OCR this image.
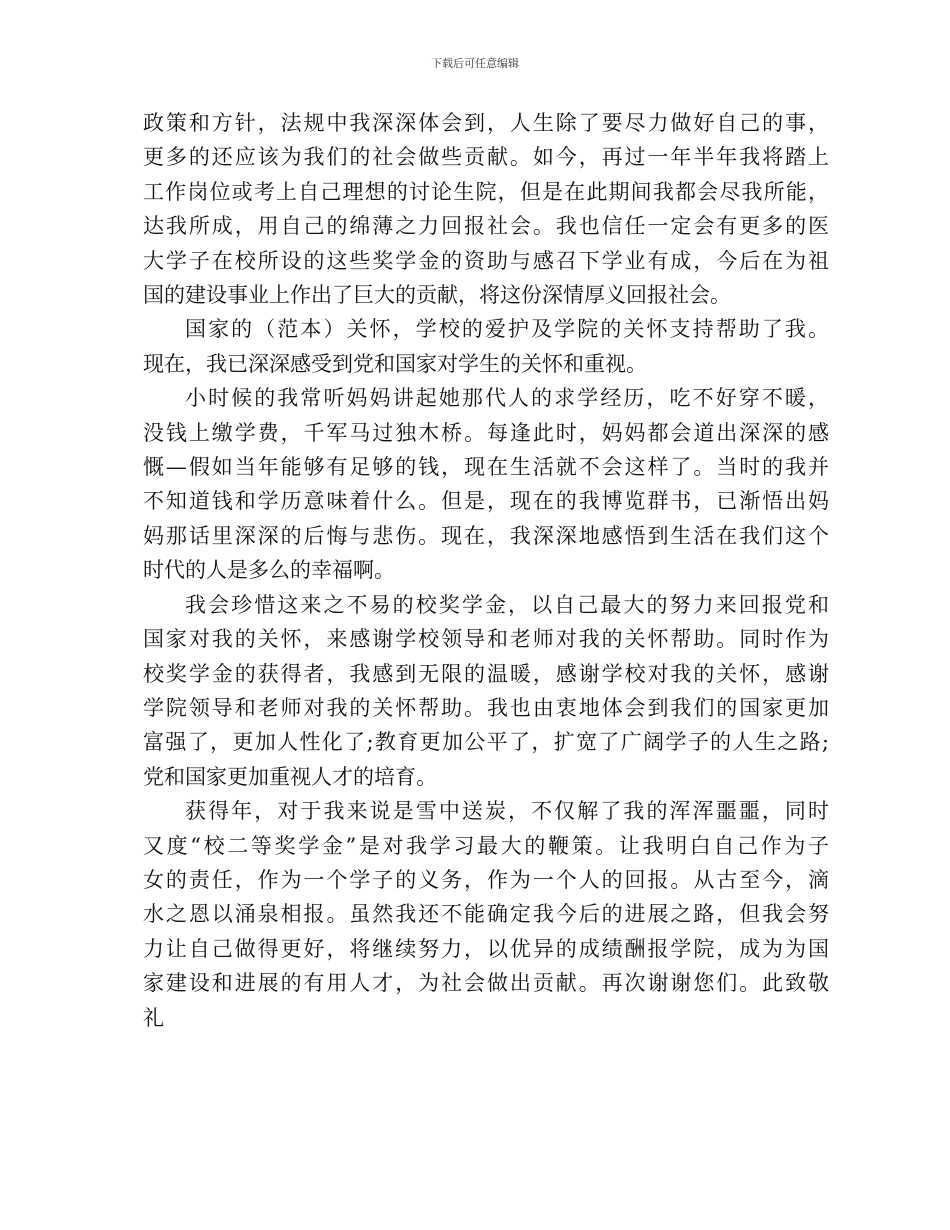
下载后可任意编辑

政策和方针，法规中我深深体会到，人生除了要尽力做好自己的事，
更多的还应该为我们的社会做些贡献。如今，再过一年半年我将踏上
工作岗位或考上自己理想的讨论生院，但是在此期间我都会尽我所能，
达我所成，用自己的绵薄之力回报社会。我也信任一定会有更多的医
大学子在校所设的这些奖学金的资助与感召下学业有成，今后在为祖
国的建设事业上作出了巨大的贡献，将这份深情厚义回报社会。

国家的（范本）关怀，学校的爱护及学院的关怀支持帮助了我。
现在，我已深深感受到党和国家对学生的关怀和重视。

小时候的我常听妈妈讲起她那代人的求学经历，吃不好穿不暖，
没钱上缴学费，千军马过独木桥。每逢此时，妈妈都会道出深深的感
慨—假如当年能够有足够的钱，现在生活就不会这样了。当时的我并
不知道钱和学历意味着什么。但是，现在的我博览群书，已渐悟出妈
妈那话里深深的后悔与悲伤。现在，我深深地感悟到生活在我们这个
时代的人是多么的幸福啊。

我会珍惜这来之不易的校奖学金，以自己最大的努力来回报党和
国家对我的关怀，来感谢学校领导和老师对我的关怀帮助。同时作为
校奖学金的获得者，我感到无限的温暖，感谢学校对我的关怀，感谢
学院领导和老师对我的关怀帮助。我也由衷地体会到我们的国家更加
富强了，更加人性化了;教育更加公平了，扩宽了广阔学子的人生之路;
党和国家更加重视人才的培育。

获得年，对于我来说是雪中送炭，不仅解了我的浑浑噩噩，同时
又度“校二等奖学金”是对我学习最大的鞭策。让我明白自己作为子
女的责任，作为一个学子的义务，作为一个人的回报。从古至今，滴
水之恩以涌泉相报。虽然我还不能确定我今后的进展之路，但我会努
力让自己做得更好，将继续努力，以优异的成绩酬报学院，成为为国
家建设和进展的有用人才，为社会做出贡献。再次谢谢您们。此致敬
礼
